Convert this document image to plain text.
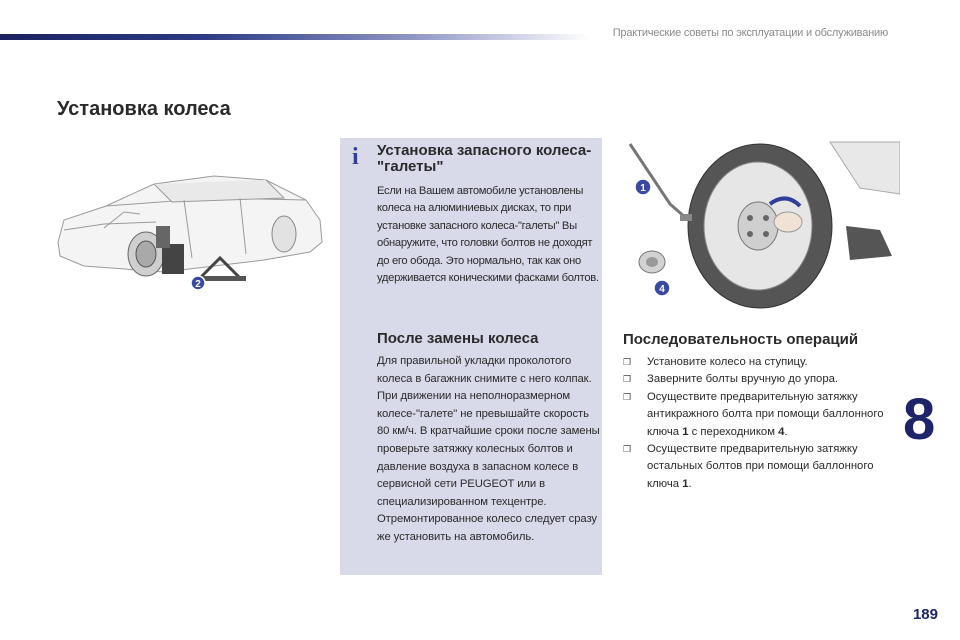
Практические советы по эксплуатации и обслуживанию
Установка колеса
2
i Установка запасного колеса-"галеты"
Если на Вашем автомобиле установлены колеса на алюминиевых дисках, то при установке запасного колеса-"галеты" Вы обнаружите, что головки болтов не доходят до его обода. Это нормально, так как оно удерживается коническими фасками болтов.
После замены колеса
Для правильной укладки проколотого колеса в багажник снимите с него колпак. При движении на неполноразмерном колесе-"галете" не превышайте скорость 80 км/ч. В кратчайшие сроки после замены проверьте затяжку колесных болтов и давление воздуха в запасном колесе в сервисной сети PEUGEOT или в специализированном техцентре. Отремонтированное колесо следует сразу же установить на автомобиль.
1
4
Последовательность операций
❒ Установите колесо на ступицу.
❒ Заверните болты вручную до упора.
❒ Осуществите предварительную затяжку антикражного болта при помощи баллонного ключа 1 с переходником 4.
❒ Осуществите предварительную затяжку остальных болтов при помощи баллонного ключа 1.
8
189
